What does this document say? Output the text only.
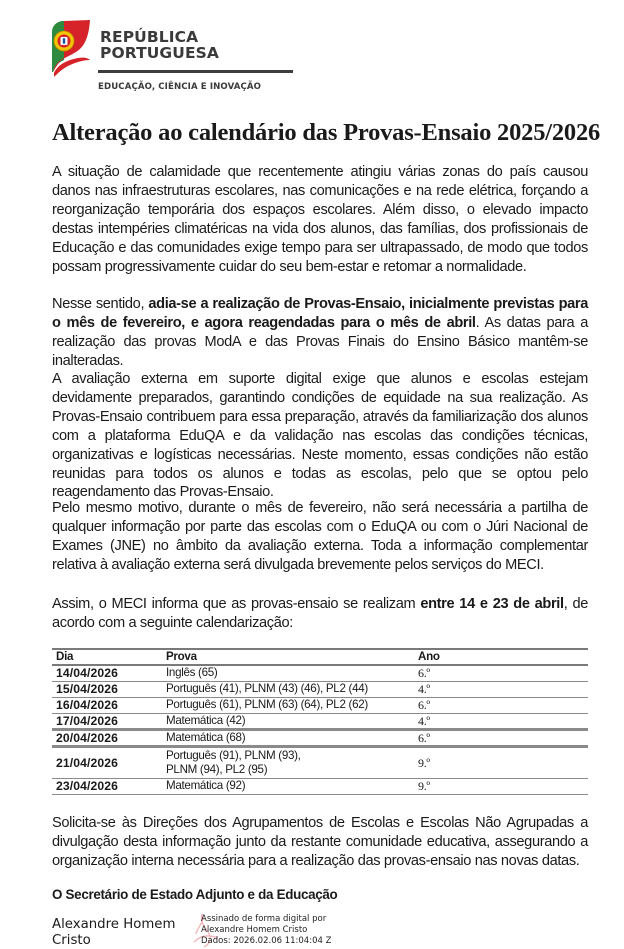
REPÚBLICA
PORTUGUESA
EDUCAÇÃO, CIÊNCIA E INOVAÇÃO
Alteração ao calendário das Provas-Ensaio 2025/2026

A situação de calamidade que recentemente atingiu várias zonas do país causou danos nas infraestruturas escolares, nas comunicações e na rede elétrica, forçando a reorganização temporária dos espaços escolares. Além disso, o elevado impacto destas intempéries climatéricas na vida dos alunos, das famílias, dos profissionais de Educação e das comunidades exige tempo para ser ultrapassado, de modo que todos possam progressivamente cuidar do seu bem-estar e retomar a normalidade.

Nesse sentido, adia-se a realização de Provas-Ensaio, inicialmente previstas para o mês de fevereiro, e agora reagendadas para o mês de abril. As datas para a realização das provas ModA e das Provas Finais do Ensino Básico mantêm-se inalteradas.

A avaliação externa em suporte digital exige que alunos e escolas estejam devidamente preparados, garantindo condições de equidade na sua realização. As Provas-Ensaio contribuem para essa preparação, através da familiarização dos alunos com a plataforma EduQA e da validação nas escolas das condições técnicas, organizativas e logísticas necessárias. Neste momento, essas condições não estão reunidas para todos os alunos e todas as escolas, pelo que se optou pelo reagendamento das Provas-Ensaio.

Pelo mesmo motivo, durante o mês de fevereiro, não será necessária a partilha de qualquer informação por parte das escolas com o EduQA ou com o Júri Nacional de Exames (JNE) no âmbito da avaliação externa. Toda a informação complementar relativa à avaliação externa será divulgada brevemente pelos serviços do MECI.

Assim, o MECI informa que as provas-ensaio se realizam entre 14 e 23 de abril, de acordo com a seguinte calendarização:

Dia	Prova	Ano
14/04/2026	Inglês (65)	6.º
15/04/2026	Português (41), PLNM (43) (46), PL2 (44)	4.º
16/04/2026	Português (61), PLNM (63) (64), PL2 (62)	6.º
17/04/2026	Matemática (42)	4.º
20/04/2026	Matemática (68)	6.º
21/04/2026	Português (91), PLNM (93),
PLNM (94), PL2 (95)	9.º
23/04/2026	Matemática (92)	9.º

Solicita-se às Direções dos Agrupamentos de Escolas e Escolas Não Agrupadas a divulgação desta informação junto da restante comunidade educativa, assegurando a organização interna necessária para a realização das provas-ensaio nas novas datas.

O Secretário de Estado Adjunto e da Educação
Alexandre Homem
Cristo
Assinado de forma digital por
Alexandre Homem Cristo
Dados: 2026.02.06 11:04:04 Z
